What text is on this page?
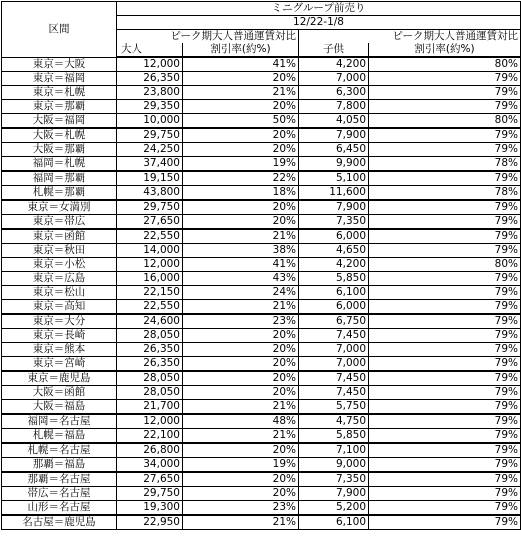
区間	ミニグループ前売り			
	12/22-1/8			
	ピーク期大人普通運賃対比		ピーク期大人普通運賃対比	
	大人	割引率(約%)	子供	割引率(約%)
東京＝大阪	12,000	41%	4,200	80%
東京＝福岡	26,350	20%	7,000	79%
東京＝札幌	23,800	21%	6,300	79%
東京＝那覇	29,350	20%	7,800	79%
大阪＝福岡	10,000	50%	4,050	80%
大阪＝札幌	29,750	20%	7,900	79%
大阪＝那覇	24,250	20%	6,450	79%
福岡＝札幌	37,400	19%	9,900	78%
福岡＝那覇	19,150	22%	5,100	79%
札幌＝那覇	43,800	18%	11,600	78%
東京＝女満別	29,750	20%	7,900	79%
東京＝帯広	27,650	20%	7,350	79%
東京＝函館	22,550	21%	6,000	79%
東京＝秋田	14,000	38%	4,650	79%
東京＝小松	12,000	41%	4,200	80%
東京＝広島	16,000	43%	5,850	79%
東京＝松山	22,150	24%	6,100	79%
東京＝高知	22,550	21%	6,000	79%
東京＝大分	24,600	23%	6,750	79%
東京＝長崎	28,050	20%	7,450	79%
東京＝熊本	26,350	20%	7,000	79%
東京＝宮崎	26,350	20%	7,000	79%
東京＝鹿児島	28,050	20%	7,450	79%
大阪＝函館	28,050	20%	7,450	79%
大阪＝福島	21,700	21%	5,750	79%
福岡＝名古屋	12,000	48%	4,750	79%
札幌＝福島	22,100	21%	5,850	79%
札幌＝名古屋	26,800	20%	7,100	79%
那覇＝福島	34,000	19%	9,000	79%
那覇＝名古屋	27,650	20%	7,350	79%
帯広＝名古屋	29,750	20%	7,900	79%
山形＝名古屋	19,300	23%	5,200	79%
名古屋＝鹿児島	22,950	21%	6,100	79%
